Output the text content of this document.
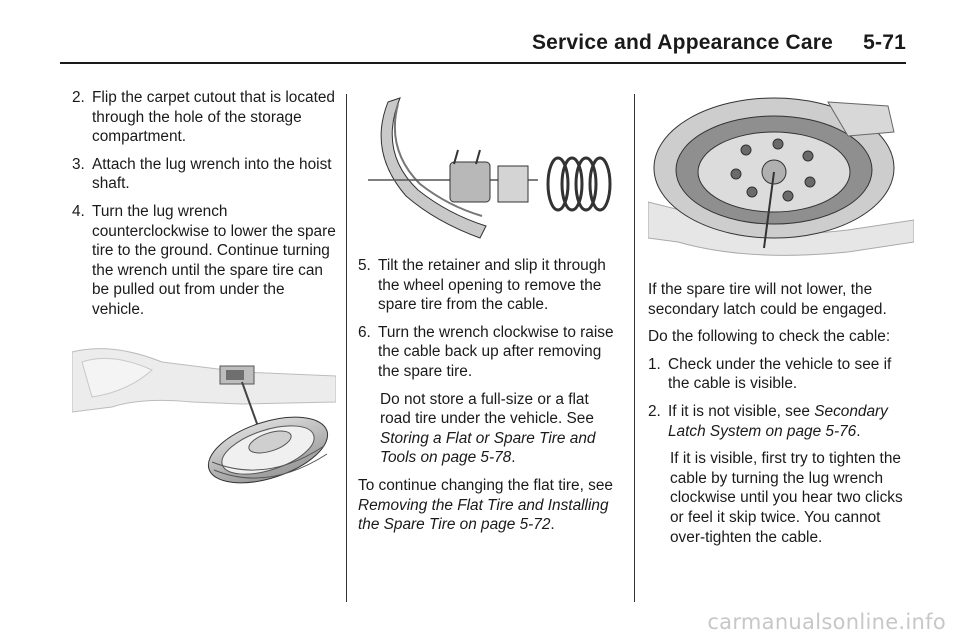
Service and Appearance Care 5-71
2. Flip the carpet cutout that is located through the hole of the storage compartment.
3. Attach the lug wrench into the hoist shaft.
4. Turn the lug wrench counterclockwise to lower the spare tire to the ground. Continue turning the wrench until the spare tire can be pulled out from under the vehicle.
5. Tilt the retainer and slip it through the wheel opening to remove the spare tire from the cable.
6. Turn the wrench clockwise to raise the cable back up after removing the spare tire.
Do not store a full-size or a flat road tire under the vehicle. See Storing a Flat or Spare Tire and Tools on page 5-78.

To continue changing the flat tire, see Removing the Flat Tire and Installing the Spare Tire on page 5-72.

If the spare tire will not lower, the secondary latch could be engaged.

Do the following to check the cable:

1. Check under the vehicle to see if the cable is visible.
2. If it is not visible, see Secondary Latch System on page 5-76.
If it is visible, first try to tighten the cable by turning the lug wrench clockwise until you hear two clicks or feel it skip twice. You cannot over-tighten the cable.
carmanualsonline.info
